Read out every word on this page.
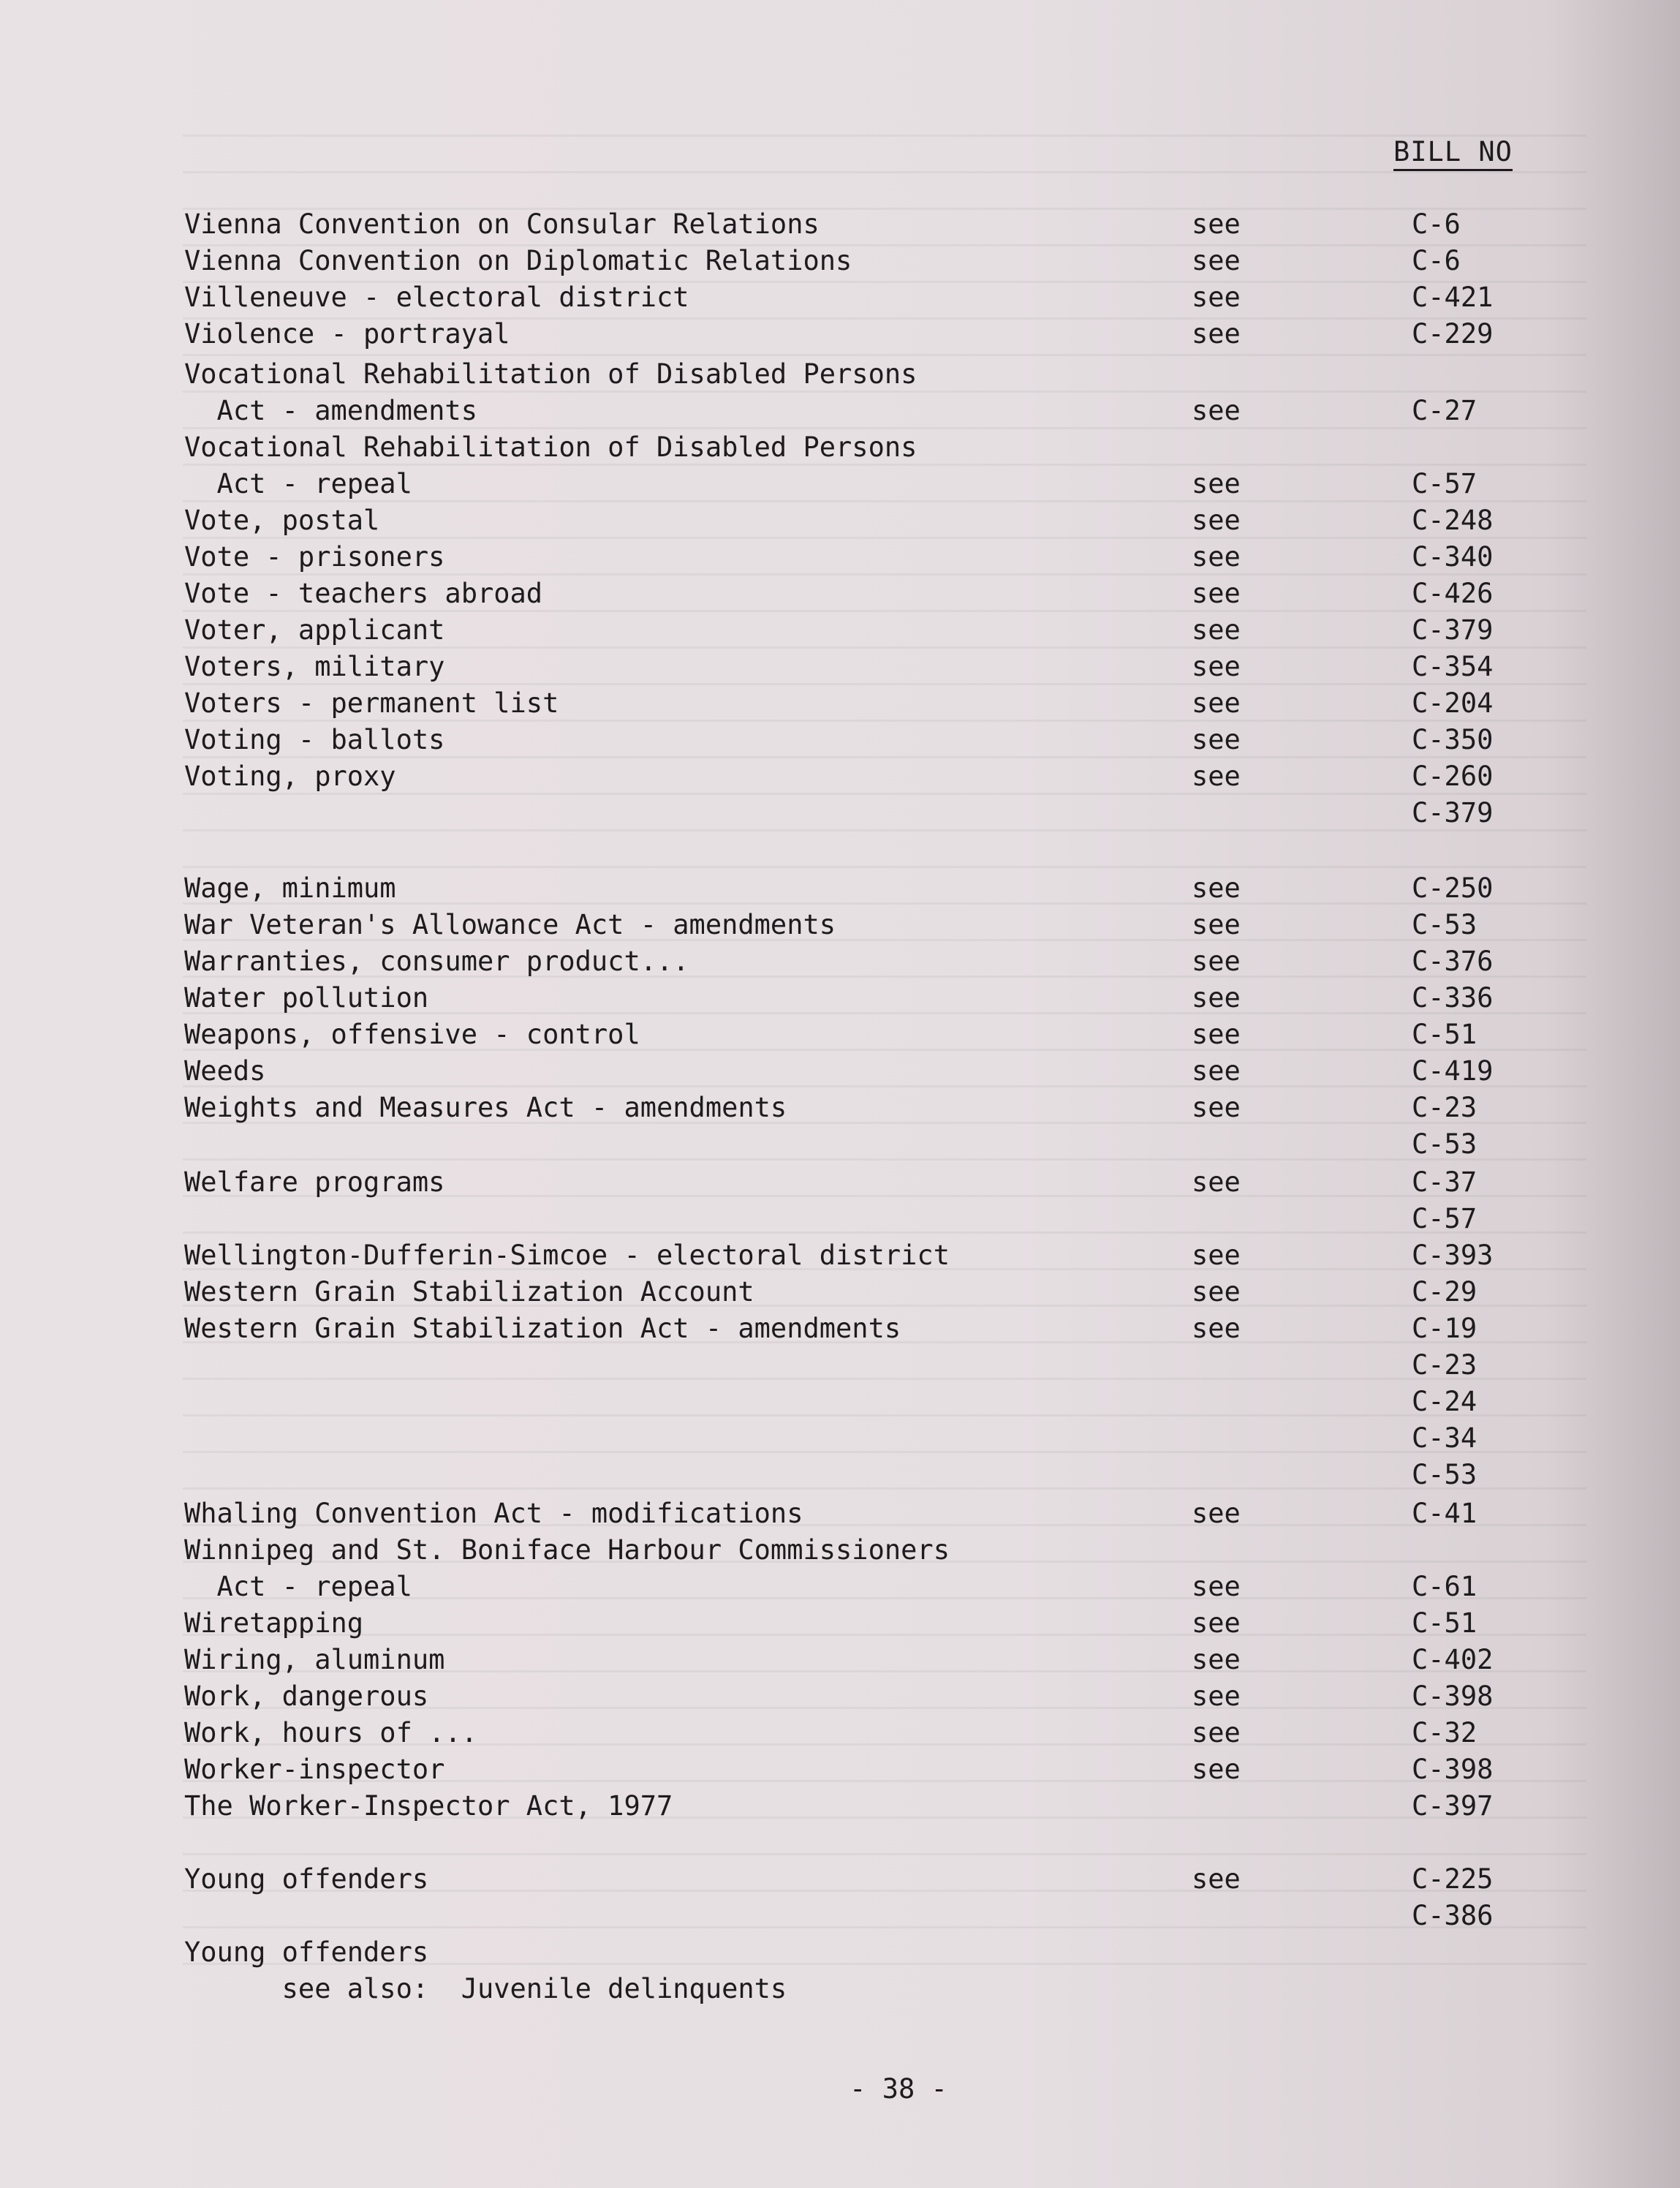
BILL NO
Vienna Convention on Consular Relations	see	C-6
Vienna Convention on Diplomatic Relations	see	C-6
Villeneuve - electoral district	see	C-421
Violence - portrayal	see	C-229
Vocational Rehabilitation of Disabled Persons
Act - amendments	see	C-27
Vocational Rehabilitation of Disabled Persons
Act - repeal	see	C-57
Vote, postal	see	C-248
Vote - prisoners	see	C-340
Vote - teachers abroad	see	C-426
Voter, applicant	see	C-379
Voters, military	see	C-354
Voters - permanent list	see	C-204
Voting - ballots	see	C-350
Voting, proxy	see	C-260
C-379
Wage, minimum	see	C-250
War Veteran's Allowance Act - amendments	see	C-53
Warranties, consumer product...	see	C-376
Water pollution	see	C-336
Weapons, offensive - control	see	C-51
Weeds	see	C-419
Weights and Measures Act - amendments	see	C-23
C-53
Welfare programs	see	C-37
C-57
Wellington-Dufferin-Simcoe - electoral district	see	C-393
Western Grain Stabilization Account	see	C-29
Western Grain Stabilization Act - amendments	see	C-19
C-23
C-24
C-34
C-53
Whaling Convention Act - modifications	see	C-41
Winnipeg and St. Boniface Harbour Commissioners
Act - repeal	see	C-61
Wiretapping	see	C-51
Wiring, aluminum	see	C-402
Work, dangerous	see	C-398
Work, hours of ...	see	C-32
Worker-inspector	see	C-398
The Worker-Inspector Act, 1977	C-397
Young offenders	see	C-225
C-386
Young offenders
see also:  Juvenile delinquents
- 38 -
